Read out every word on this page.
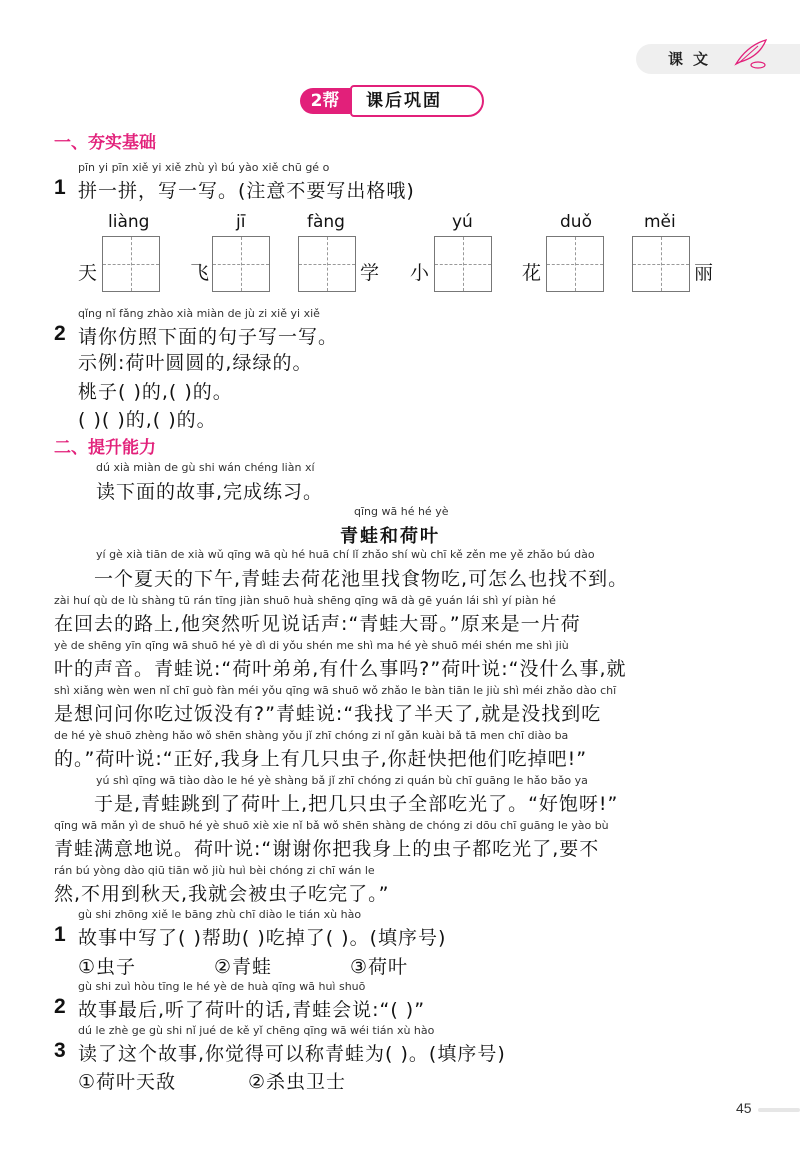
课文
2帮	课后巩固
一、夯实基础
pīn yi pīn xiě yi xiě zhù yì bú yào xiě chū gé o
1 拼一拼，写一写。(注意不要写出格哦)
liàng	jī	fàng	yú	duǒ	měi
天	飞	学 小	花	丽
qǐng nǐ fǎng zhào xià miàn de jù zi xiě yi xiě
2 请你仿照下面的句子写一写。
示例:荷叶圆圆的,绿绿的。
桃子( )的,( )的。
( )( )的,( )的。
二、提升能力
dú xià miàn de gù shi wán chéng liàn xí
读下面的故事,完成练习。
qīng wā hé hé yè
青蛙和荷叶
yí gè xià tiān de xià wǔ qīng wā qù hé huā chí lǐ zhǎo shí wù chī kě zěn me yě zhǎo bú dào
　　一个夏天的下午,青蛙去荷花池里找食物吃,可怎么也找不到。
zài huí qù de lù shàng tū rán tīng jiàn shuō huà shēng qīng wā dà gē yuán lái shì yí piàn hé
在回去的路上,他突然听见说话声:“青蛙大哥。”原来是一片荷
yè de shēng yīn qīng wā shuō hé yè dì di yǒu shén me shì ma hé yè shuō méi shén me shì jiù
叶的声音。青蛙说:“荷叶弟弟,有什么事吗?”荷叶说:“没什么事,就
shì xiǎng wèn wen nǐ chī guò fàn méi yǒu qīng wā shuō wǒ zhǎo le bàn tiān le jiù shì méi zhǎo dào chī
是想问问你吃过饭没有?”青蛙说:“我找了半天了,就是没找到吃
de hé yè shuō zhèng hǎo wǒ shēn shàng yǒu jǐ zhī chóng zi nǐ gǎn kuài bǎ tā men chī diào ba
的。”荷叶说:“正好,我身上有几只虫子,你赶快把他们吃掉吧!”
yú shì qīng wā tiào dào le hé yè shàng bǎ jǐ zhī chóng zi quán bù chī guāng le hǎo bǎo ya
　　于是,青蛙跳到了荷叶上,把几只虫子全部吃光了。“好饱呀!”
qīng wā mǎn yì de shuō hé yè shuō xiè xie nǐ bǎ wǒ shēn shàng de chóng zi dōu chī guāng le yào bù
青蛙满意地说。荷叶说:“谢谢你把我身上的虫子都吃光了,要不
rán bú yòng dào qiū tiān wǒ jiù huì bèi chóng zi chī wán le
然,不用到秋天,我就会被虫子吃完了。”
gù shi zhōng xiě le bāng zhù chī diào le tián xù hào
1 故事中写了( )帮助( )吃掉了( )。(填序号)
①虫子	②青蛙	③荷叶
gù shi zuì hòu tīng le hé yè de huà qīng wā huì shuō
2 故事最后,听了荷叶的话,青蛙会说:“( )”
dú le zhè ge gù shi nǐ jué de kě yǐ chēng qīng wā wéi tián xù hào
3 读了这个故事,你觉得可以称青蛙为( )。(填序号)
①荷叶天敌	②杀虫卫士
45
